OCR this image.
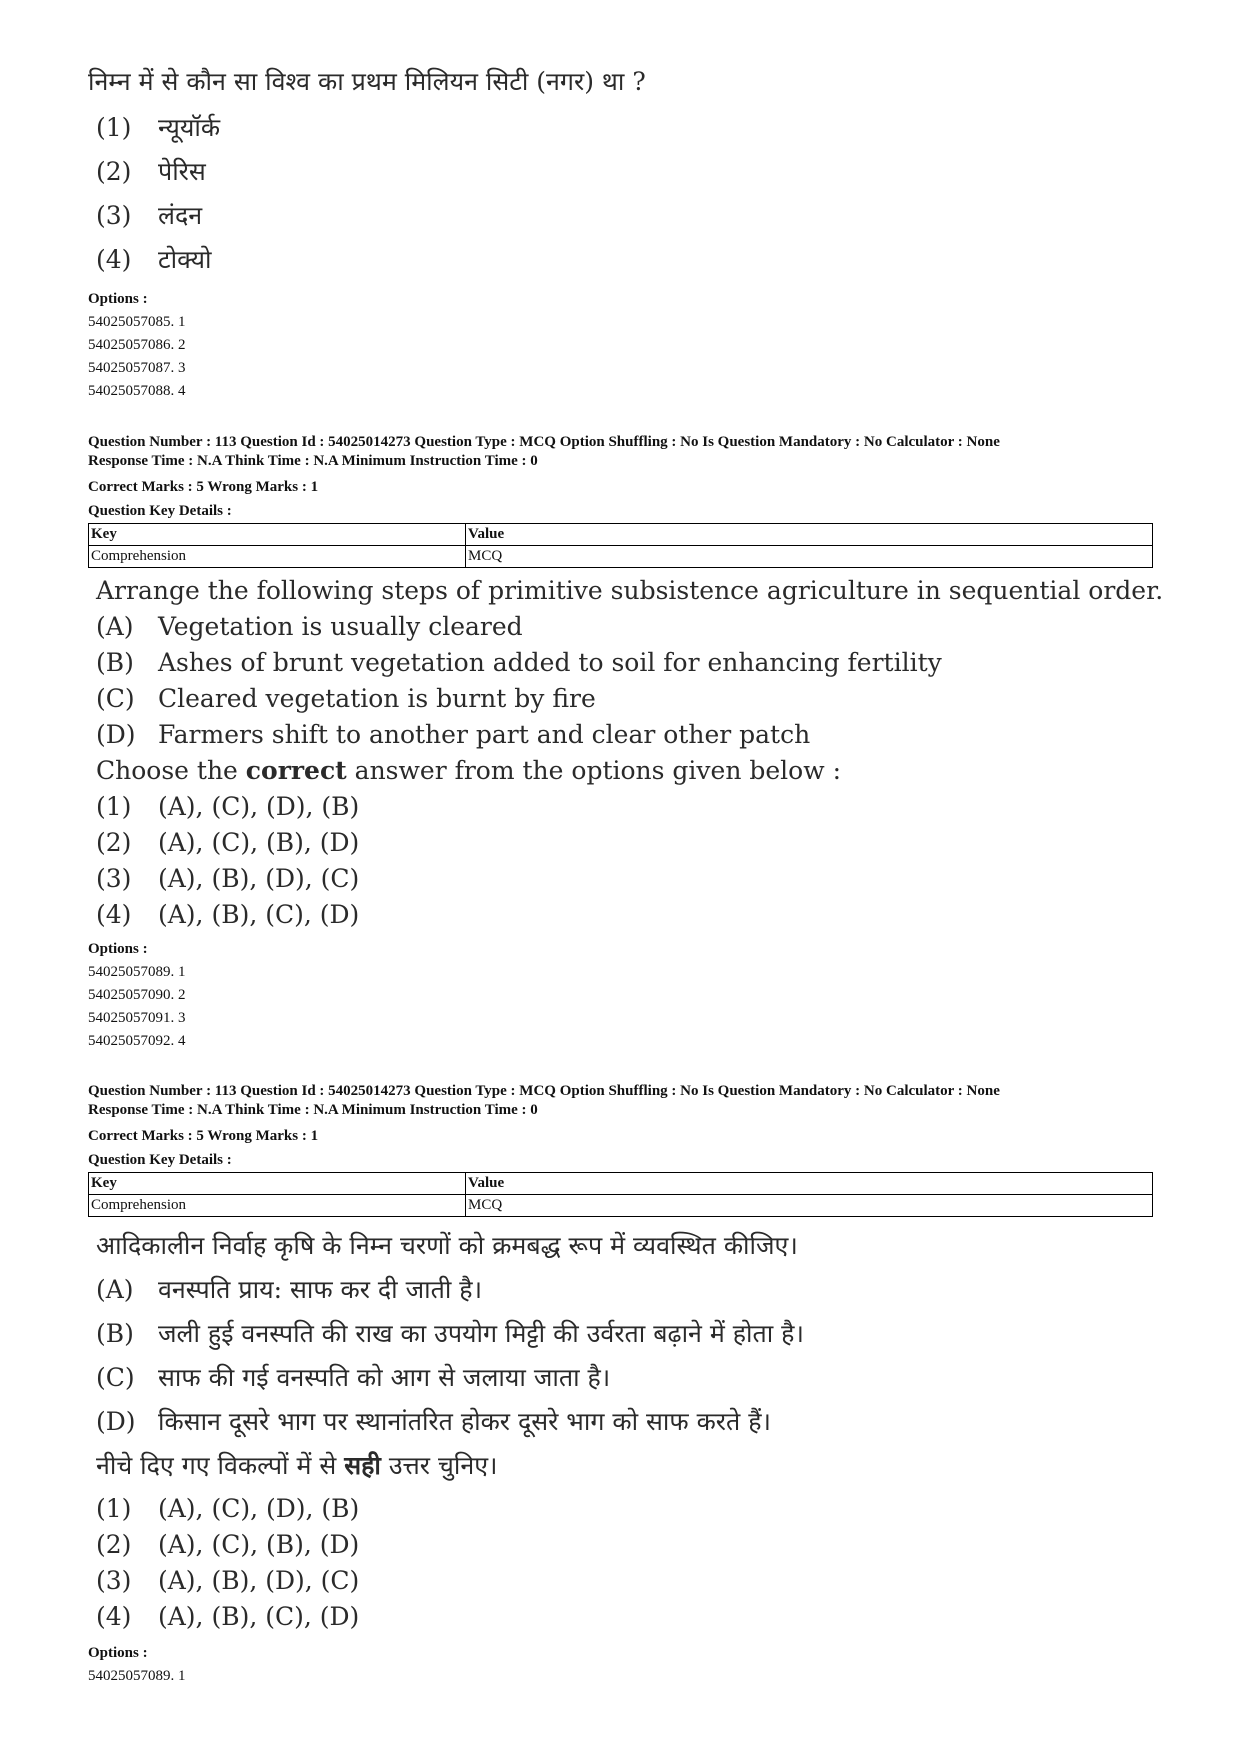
निम्न में से कौन सा विश्व का प्रथम मिलियन सिटी (नगर) था ?
(1) न्यूयॉर्क
(2) पेरिस
(3) लंदन
(4) टोक्यो
Options :
54025057085. 1
54025057086. 2
54025057087. 3
54025057088. 4
Question Number : 113 Question Id : 54025014273 Question Type : MCQ Option Shuffling : No Is Question Mandatory : No Calculator : None
Response Time : N.A Think Time : N.A Minimum Instruction Time : 0
Correct Marks : 5 Wrong Marks : 1
Question Key Details :
Key	Value
Comprehension	MCQ
Arrange the following steps of primitive subsistence agriculture in sequential order.
(A) Vegetation is usually cleared
(B) Ashes of brunt vegetation added to soil for enhancing fertility
(C) Cleared vegetation is burnt by fire
(D) Farmers shift to another part and clear other patch
Choose the correct answer from the options given below :
(1) (A), (C), (D), (B)
(2) (A), (C), (B), (D)
(3) (A), (B), (D), (C)
(4) (A), (B), (C), (D)
Options :
54025057089. 1
54025057090. 2
54025057091. 3
54025057092. 4
Question Number : 113 Question Id : 54025014273 Question Type : MCQ Option Shuffling : No Is Question Mandatory : No Calculator : None
Response Time : N.A Think Time : N.A Minimum Instruction Time : 0
Correct Marks : 5 Wrong Marks : 1
Question Key Details :
Key	Value
Comprehension	MCQ
आदिकालीन निर्वाह कृषि के निम्न चरणों को क्रमबद्ध रूप में व्यवस्थित कीजिए।
(A) वनस्पति प्राय: साफ कर दी जाती है।
(B) जली हुई वनस्पति की राख का उपयोग मिट्टी की उर्वरता बढ़ाने में होता है।
(C) साफ की गई वनस्पति को आग से जलाया जाता है।
(D) किसान दूसरे भाग पर स्थानांतरित होकर दूसरे भाग को साफ करते हैं।
नीचे दिए गए विकल्पों में से सही उत्तर चुनिए।
(1) (A), (C), (D), (B)
(2) (A), (C), (B), (D)
(3) (A), (B), (D), (C)
(4) (A), (B), (C), (D)
Options :
54025057089. 1
